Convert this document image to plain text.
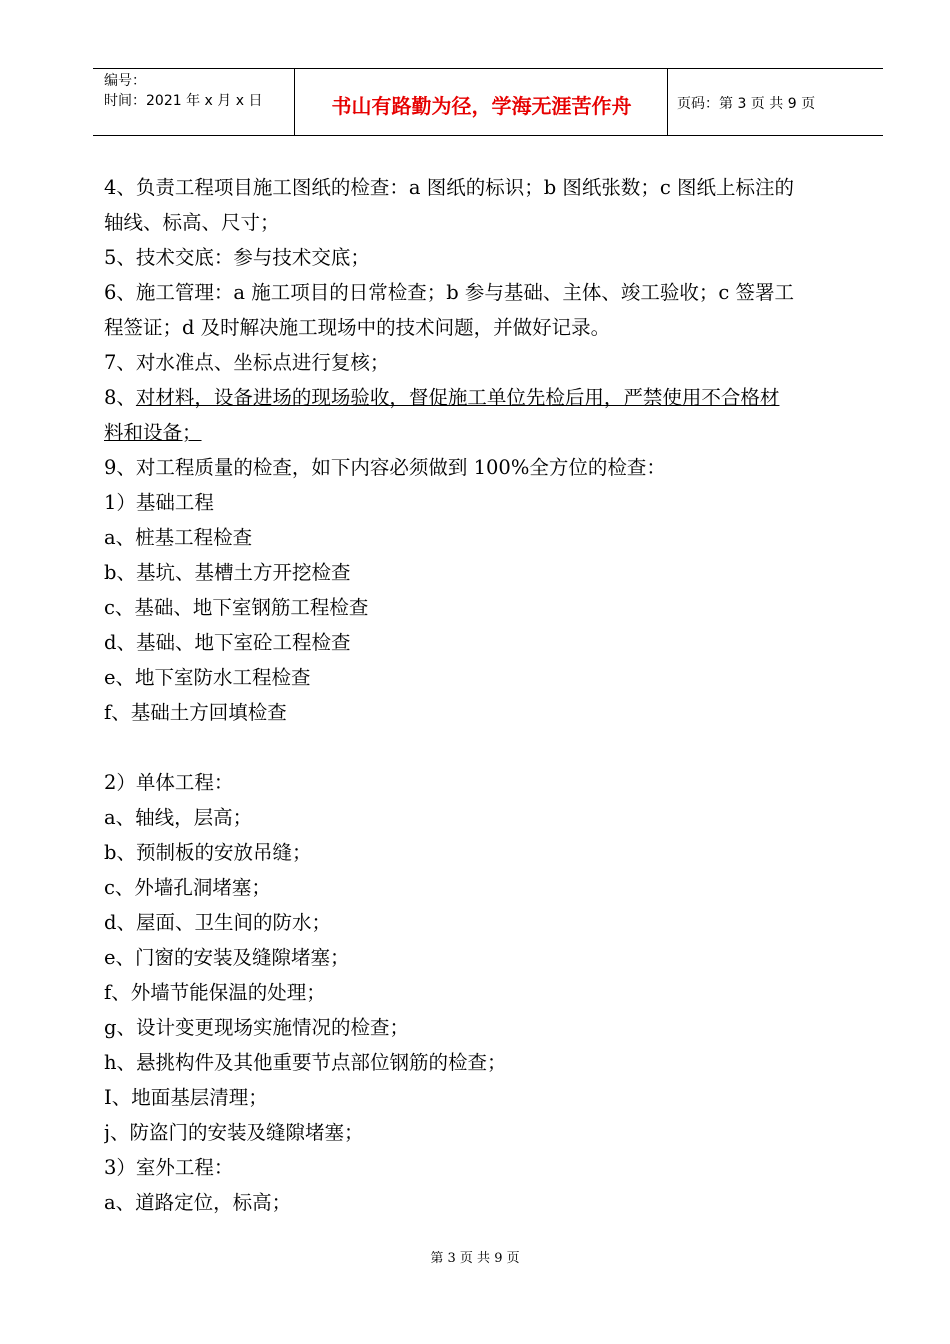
编号：
时间：2021 年 x 月 x 日	书山有路勤为径，学海无涯苦作舟	页码：第 3 页 共 9 页
4、负责工程项目施工图纸的检查：a 图纸的标识；b 图纸张数；c 图纸上标注的
轴线、标高、尺寸；
5、技术交底：参与技术交底；
6、施工管理：a 施工项目的日常检查；b 参与基础、主体、竣工验收；c 签署工
程签证；d 及时解决施工现场中的技术问题，并做好记录。
7、对水准点、坐标点进行复核；
8、对材料，设备进场的现场验收，督促施工单位先检后用，严禁使用不合格材
料和设备；
9、对工程质量的检查，如下内容必须做到 100%全方位的检查：
1）基础工程
a、桩基工程检查
b、基坑、基槽土方开挖检查
c、基础、地下室钢筋工程检查
d、基础、地下室砼工程检查
e、地下室防水工程检查
f、基础土方回填检查
2）单体工程：
a、轴线，层高；
b、预制板的安放吊缝；
c、外墙孔洞堵塞；
d、屋面、卫生间的防水；
e、门窗的安装及缝隙堵塞；
f、外墙节能保温的处理；
g、设计变更现场实施情况的检查；
h、悬挑构件及其他重要节点部位钢筋的检查；
I、地面基层清理；
j、防盗门的安装及缝隙堵塞；
3）室外工程：
a、道路定位，标高；
第 3 页 共 9 页
